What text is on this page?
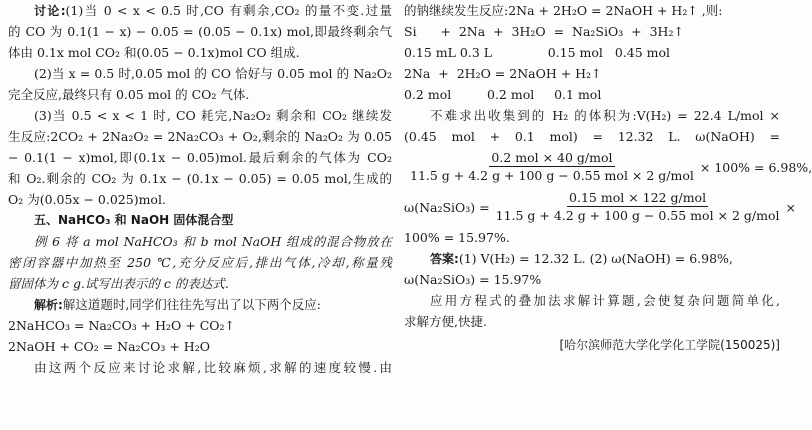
讨论:(1)当 0 < x < 0.5 时,CO 有剩余,CO₂ 的量不变.过量
的 CO 为 0.1(1 − x) − 0.05 = (0.05 − 0.1x) mol,即最终剩余气
体由 0.1x mol CO₂ 和(0.05 − 0.1x)mol CO 组成.
(2)当 x = 0.5 时,0.05 mol 的 CO 恰好与 0.05 mol 的 Na₂O₂
完全反应,最终只有 0.05 mol 的 CO₂ 气体.
(3)当 0.5 < x < 1 时, CO 耗完,Na₂O₂ 剩余和 CO₂ 继续发
生反应:2CO₂ + 2Na₂O₂ = 2Na₂CO₃ + O₂,剩余的 Na₂O₂ 为 0.05
− 0.1(1 − x)mol,即(0.1x − 0.05)mol.最后剩余的气体为 CO₂
和 O₂.剩余的 CO₂ 为 0.1x − (0.1x − 0.05) = 0.05 mol,生成的
O₂ 为(0.05x − 0.025)mol.
五、NaHCO₃ 和 NaOH 固体混合型
例 6 将 a mol NaHCO₃ 和 b mol NaOH 组成的混合物放在
密闭容器中加热至 250 ℃,充分反应后,排出气体,冷却,称量残
留固体为 c g.试写出表示的 c 的表达式.
解析:解这道题时,同学们往往先写出了以下两个反应:
2NaHCO₃ = Na₂CO₃ + H₂O + CO₂↑
2NaOH + CO₂ = Na₂CO₃ + H₂O
由这两个反应来讨论求解,比较麻烦,求解的速度较慢.由
的钠继续发生反应:2Na + 2H₂O = 2NaOH + H₂↑ ,则:
Si      +  2Na  +  3H₂O  =  Na₂SiO₃  +  3H₂↑
0.15 mL 0.3 L              0.15 mol   0.45 mol
2Na  +  2H₂O = 2NaOH + H₂↑
0.2 mol         0.2 mol     0.1 mol
不难求出收集到的 H₂ 的体积为:V(H₂) = 22.4 L/mol ×
(0.45 mol + 0.1 mol) = 12.32 L. ω(NaOH) =
$\frac{\text{0.2 mol × 40 g/mol}}{\text{11.5 g + 4.2 g + 100 g − 0.55 mol × 2 g/mol}} \times 100\% = 6.98\%$,
$\omega(Na_2SiO_3) = \frac{\text{0.15 mol × 122 g/mol}}{\text{11.5 g + 4.2 g + 100 g − 0.55 mol × 2 g/mol}}$ ×
100% = 15.97%.
答案:(1) V(H₂) = 12.32 L. (2) ω(NaOH) = 6.98%,
ω(Na₂SiO₃) = 15.97%
应用方程式的叠加法求解计算题,会使复杂问题简单化,
求解方便,快捷.
[哈尔滨师范大学化学化工学院(150025)]
